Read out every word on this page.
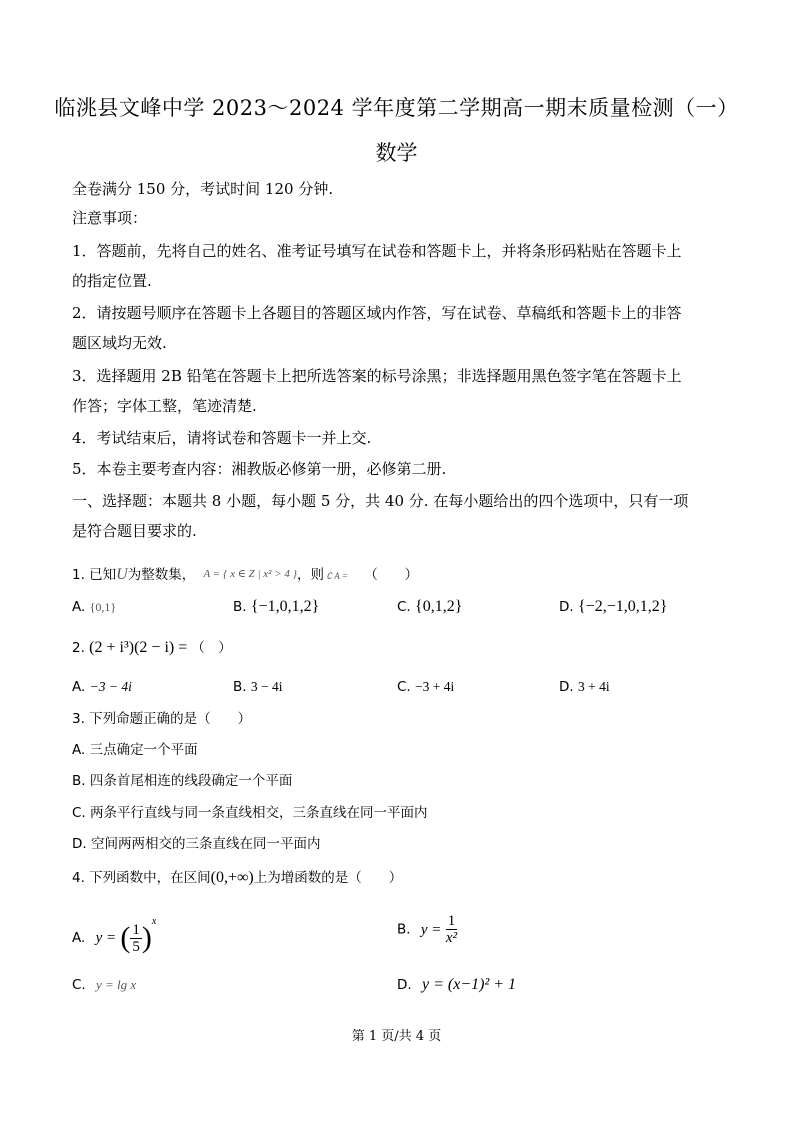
临洮县文峰中学 2023～2024 学年度第二学期高一期末质量检测（一）
数学
全卷满分 150 分，考试时间 120 分钟.
注意事项：
1．答题前，先将自己的姓名、准考证号填写在试卷和答题卡上，并将条形码粘贴在答题卡上
的指定位置.
2．请按题号顺序在答题卡上各题目的答题区域内作答，写在试卷、草稿纸和答题卡上的非答
题区域均无效.
3．选择题用 2B 铅笔在答题卡上把所选答案的标号涂黑；非选择题用黑色签字笔在答题卡上
作答；字体工整，笔迹清楚.
4．考试结束后，请将试卷和答题卡一并上交.
5．本卷主要考查内容：湘教版必修第一册，必修第二册.
一、选择题：本题共 8 小题，每小题 5 分，共 40 分. 在每小题给出的四个选项中，只有一项
是符合题目要求的.
1. 已知U为整数集， A = { x ∈ Z | x² > 4 }，则 ∁ A = （　　）
A. {0,1}	B. {−1,0,1,2}	C. {0,1,2}	D. {−2,−1,0,1,2}
2. (2 + i³)(2 − i) = （　）
A. −3 − 4i	B. 3 − 4i	C. −3 + 4i	D. 3 + 4i
3. 下列命题正确的是（　　）
A. 三点确定一个平面
B. 四条首尾相连的线段确定一个平面
C. 两条平行直线与同一条直线相交，三条直线在同一平面内
D. 空间两两相交的三条直线在同一平面内
4. 下列函数中，在区间(0,+∞)上为增函数的是（　　）
A. y = ( $\frac{1}{5} )^x$	B. $y = \frac{1}{\text{x²}}$
C. y = lg x	D. y = (x−1)² + 1
第 1 页/共 4 页
